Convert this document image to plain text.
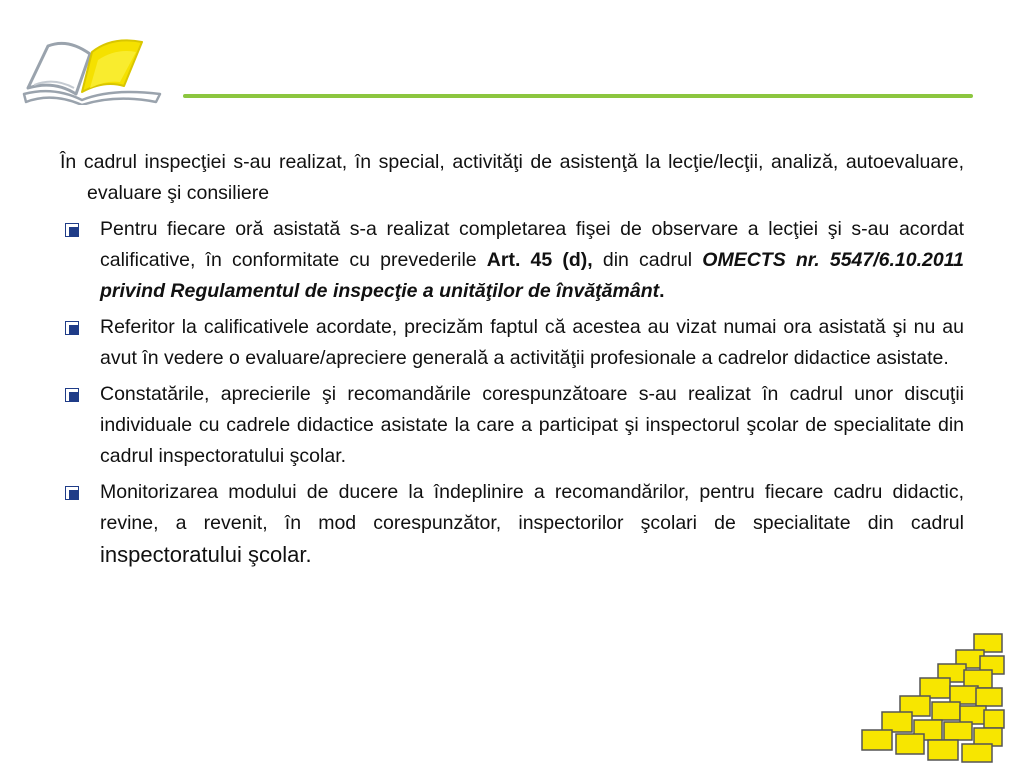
În cadrul inspecţiei s-au realizat, în special, activităţi de asistenţă la lecţie/lecţii, analiză, autoevaluare, evaluare şi consiliere

Pentru fiecare oră asistată s-a realizat completarea fişei de observare a lecţiei şi s-au acordat calificative, în conformitate cu prevederile Art. 45 (d), din cadrul OMECTS nr. 5547/6.10.2011 privind Regulamentul de inspecţie a unităţilor de învăţământ.
Referitor la calificativele acordate, precizăm faptul că acestea au vizat numai ora asistată şi nu au avut în vedere o evaluare/apreciere generală a activităţii profesionale a cadrelor didactice asistate.
Constatările, aprecierile şi recomandările corespunzătoare s-au realizat în cadrul unor discuţii individuale cu cadrele didactice asistate la care a participat şi inspectorul şcolar de specialitate din cadrul inspectoratului şcolar.
Monitorizarea modului de ducere la îndeplinire a recomandărilor, pentru fiecare cadru didactic, revine, a revenit, în mod corespunzător, inspectorilor şcolari de specialitate din cadrul inspectoratului şcolar.
